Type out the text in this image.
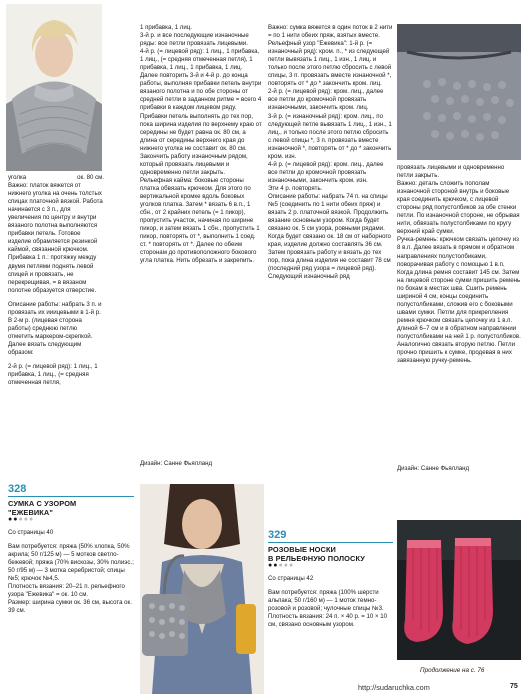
уголка	ок. 80 см.

Важно: платок вяжется от нижнего уголка на очень толстых спицах платочной вязкой. Работа начинается с 3 п., для увеличения по центру и внутри вязаного полотна выполняются прибавки петель. Готовое изделие обрамляется резинкой каймой, связанной крючком.

Прибавка 1 п.: протяжку между двумя петлями поднять левой спицей и провязать, не перекрещивая, = в вязаном полотне образуется отверстие.

Описание работы: набрать 3 п. и провязать их ииицевыми в 1-й р. В 2-м р. (лицевая сторона работы) среднюю петлю отметить маркером-скрепкой. Далее вязать следующим образом:

2-й р. (= лицевой ряд): 1 лиц., 1 прибавка, 1 лиц., (= средняя отмеченная петля,

1 прибавка, 1 лиц.

3-й р. и все последующие изнаночные ряды: все петли провязать лицевыми.

4-й р. (= лицевой ряд): 1 лиц., 1 прибавка, 1 лиц., (= средняя отмеченная петля), 1 прибавка, 1 лиц., 1 прибавка, 1 лиц.

Далее повторить 3-й и 4-й р. до конца работы, выполняя прибавки петель внутри вязаного полотна и по обе стороны от средней петли в заданном ритме = всего 4 прибавки в каждом лицевом ряду. Прибавки петель выполнять до тех пор, пока ширина изделия по верхнему краю от середины не будет равна ок. 80 см, а длина от середины верхнего края до нижнего уголка не составит ок. 80 см. Закончить работу изнаночным рядом, который провязать лицевыми и одновременно петли закрыть.

Рельефная кайма: боковые стороны платка обвязать крючком. Для этого по вертикальной кромке вдоль боковых уголков платка. Затем * вязать 6 в.п., 1 сбн., от 2 крайних петель (= 1 пикор), пропустить участок, начиная по ширине пикор, и затем вязать 1 сбн., пропустить 1 пикор, повторять от *, выполнить 1 соед. ст. * повторять от *. Далее по обеим сторонам до противоположного бокового угла платка. Нить обрезать и закрепить.

Дизайн: Санне Фьялланд

Важно: сумка вяжется в один поток в 2 нити = по 1 нити обеих пряж, взятых вместе.

Рельефный узор "Ежевика": 1-й р. (= изнаночный ряд): кром. п., * из следующей петли вывязать 1 лиц., 1 изн., 1 лиц. и только после этого петлю сбросить с левой спицы, 3 п. провязать вместе изнаночной *, повторять от * до * закончить кром. лиц.

2-й р. (= лицевой ряд): кром. лиц., далее все петли до кромочной провязать изнаночными, закончить кром. лиц.

3-й р. (= изнаночный ряд): кром. лиц., по следующей петле вывязать 1 лиц., 1 изн., 1 лиц., и только после этого петлю сбросить с левой спицы *, 3 п. провязать вместе изнаночной *, повторять от * до * закончить кром. изн.

4-й р. (= лицевой ряд): кром. лиц., далее все петли до кромочной провязать изнаночными, закончить кром. изн.

Эти 4 р. повторять.

Описание работы: набрать 74 п. на спицы №5 (соединить по 1 нити обеих пряж) и вязать 2 р. платочной вязкой. Продолжить вязание основным узором. Когда будет связано ок. 5 см узора, ровными рядами. Когда будет связано ок. 18 см от наборного края, изделие должно составлять 36 см. Затем провязать работу и вязать до тех пор, пока длина изделия не составит 78 см (последний ряд узора = лицевой ряд). Следующий изнаночный ряд

провязать лицевыми и одновременно петли закрыть.

Важно: деталь сложить пополам изнаночной стороной внутрь и боковые края соединить крючком, с лицевой стороны ряд полустолбиков за обе стенки петли. По изнаночной стороне, не обрывая нити, обвязать полустолбиками по кругу верхний край сумки.

Ручка-ремень: крючком связать цепочку из 8 в.п. Далее вязать в прямом и обратном направлениях полустолбиками, поворачивая работу с помощью 1 в.п. Когда длина ремня составит 145 см. Затем на лицевой стороне сумки пришить ремень по бокам в местах шва. Сшить ремень шириной 4 см, концы соединить полустолбиками, сложив его с боковыми швами сумки. Петли для прикрепления ремня крючком связать цепочку из 1 в.п. длиной 6–7 см и в обратном направлении полустолбиками на ней 1 р. полустолбиков. Аналогично связать вторую петлю. Петли прочно пришить к сумке, продевая в них завязанную ручку-ремень.

Дизайн: Санне Фьялланд

328
СУМКА С УЗОРОМ
"ЕЖЕВИКА"
●●●●●

Со страницы 40

Вам потребуется: пряжа (50% хлопка, 50% акрила; 50 г/125 м) — 5 мотков светло-бежевой; пряжа (70% вискозы, 30% полиэс.; 50 г/95 м) — 3 мотка серебристой; спицы №5; крючок №4,5.

Плотность вязания: 20–21 п. рельефного узора "Ежевика" = ок. 10 см.

Размер: ширина сумки ок. 36 см, высота ок. 39 см.

329
РОЗОВЫЕ НОСКИ
В РЕЛЬЕФНУЮ ПОЛОСКУ
●●●●●

Со страницы 42

Вам потребуется: пряжа (100% шерсти альпака; 50 г/160 м) — 1 моток темно-розовой и розовой; чулочные спицы №3.

Плотность вязания: 24 п. × 40 р. = 10 × 10 см, связано основным узором.

Продолжение на с. 76
http://sudaruchka.com	75
